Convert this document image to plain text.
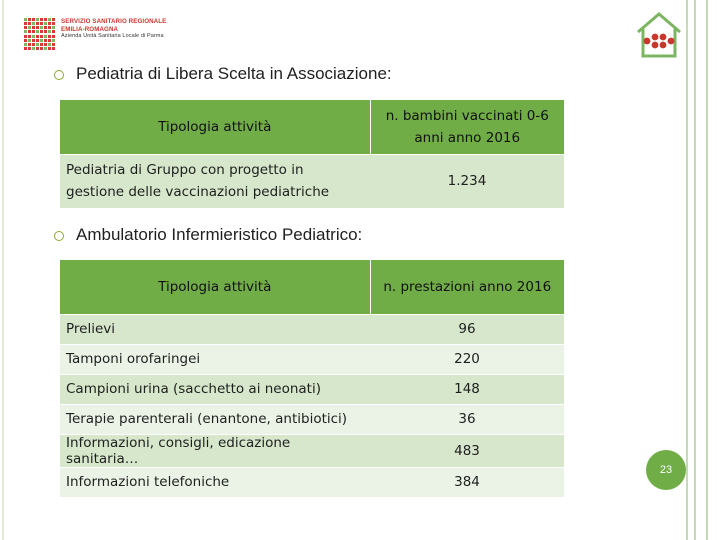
SERVIZIO SANITARIO REGIONALE
EMILIA-ROMAGNA
Azienda Unità Sanitaria Locale di Parma
Pediatria di Libera Scelta in Associazione:
Tipologia attività	n. bambini vaccinati 0-6 anni anno 2016
Pediatria di Gruppo con progetto in gestione delle vaccinazioni pediatriche	1.234
Ambulatorio Infermieristico Pediatrico:
Tipologia attività	n. prestazioni anno 2016
Prelievi	96
Tamponi orofaringei	220
Campioni urina (sacchetto ai neonati)	148
Terapie parenterali (enantone, antibiotici)	36
Informazioni, consigli, edicazione sanitaria…	483
Informazioni telefoniche	384
23
